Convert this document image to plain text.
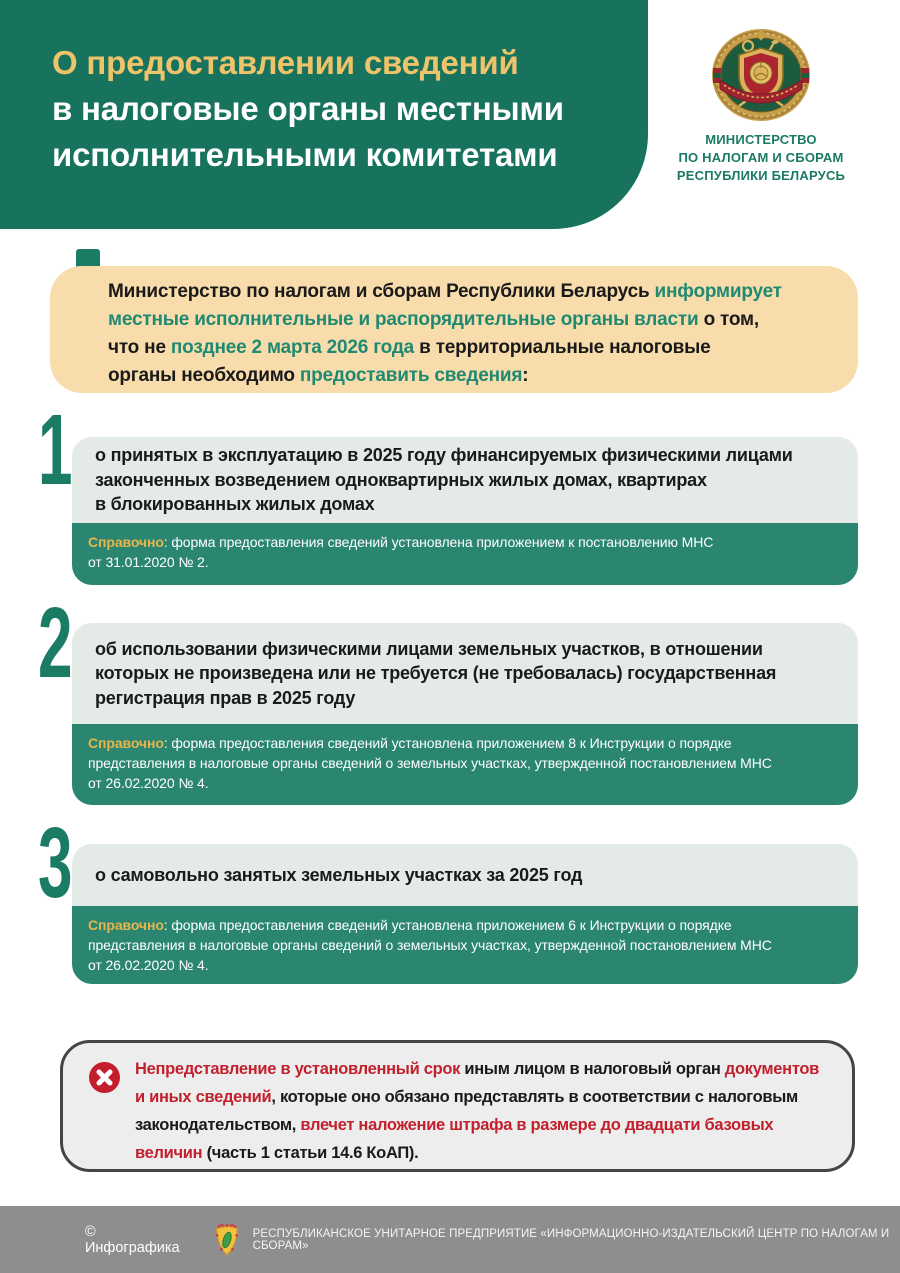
О предоставлении сведений
в налоговые органы местными
исполнительными комитетами	МИНИСТЕРСТВО
ПО НАЛОГАМ И СБОРАМ
РЕСПУБЛИКИ БЕЛАРУСЬ
Министерство по налогам и сборам Республики Беларусь информирует
местные исполнительные и распорядительные органы власти о том,
что не позднее 2 марта 2026 года в территориальные налоговые
органы необходимо предоставить сведения:
1 о принятых в эксплуатацию в 2025 году финансируемых физическими лицами
законченных возведением одноквартирных жилых домах, квартирах
в блокированных жилых домах
Справочно: форма предоставления сведений установлена приложением к постановлению МНС
от 31.01.2020 № 2.
2 об использовании физическими лицами земельных участков, в отношении
которых не произведена или не требуется (не требовалась) государственная
регистрация прав в 2025 году
Справочно: форма предоставления сведений установлена приложением 8 к Инструкции о порядке
представления в налоговые органы сведений о земельных участках, утвержденной постановлением МНС
от 26.02.2020 № 4.
3 о самовольно занятых земельных участках за 2025 год
Справочно: форма предоставления сведений установлена приложением 6 к Инструкции о порядке
представления в налоговые органы сведений о земельных участках, утвержденной постановлением МНС
от 26.02.2020 № 4.
Непредставление в установленный срок иным лицом в налоговый орган документов
и иных сведений, которые оно обязано представлять в соответствии с налоговым
законодательством, влечет наложение штрафа в размере до двадцати базовых
величин (часть 1 статьи 14.6 КоАП).
© Инфографика
РЕСПУБЛИКАНСКОЕ УНИТАРНОЕ ПРЕДПРИЯТИЕ «ИНФОРМАЦИОННО-ИЗДАТЕЛЬСКИЙ ЦЕНТР ПО НАЛОГАМ И СБОРАМ»
